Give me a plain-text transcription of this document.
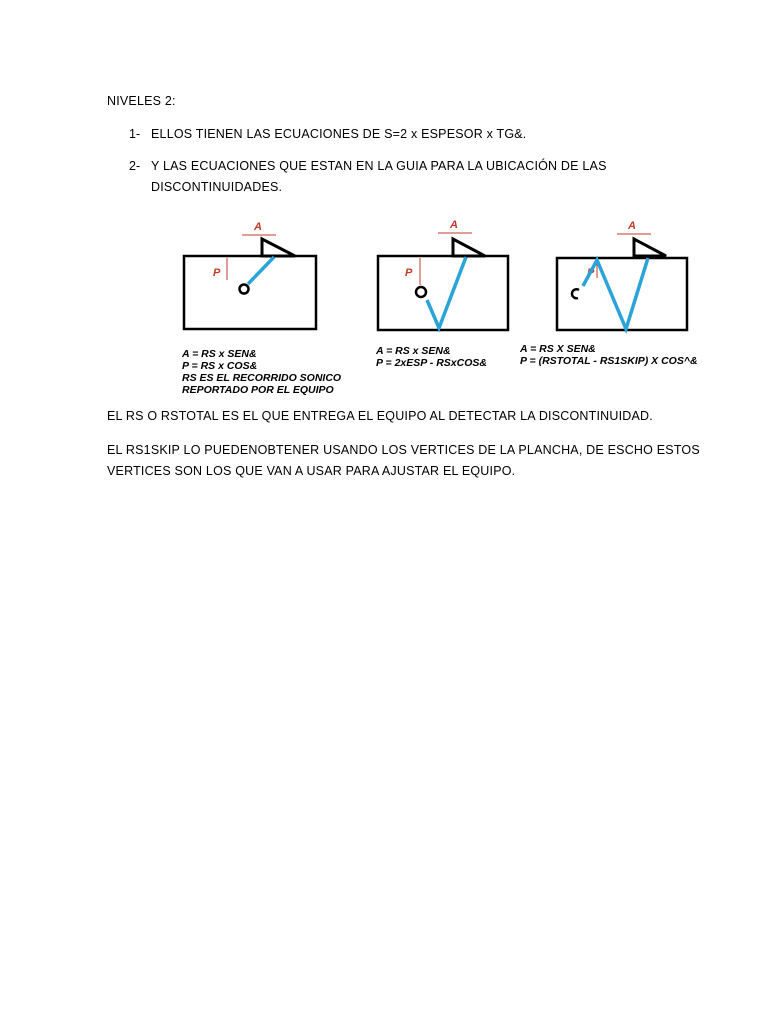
NIVELES 2:
1- ELLOS TIENEN LAS ECUACIONES DE S=2 x ESPESOR x TG&.
2- Y LAS ECUACIONES QUE ESTAN EN LA GUIA PARA LA UBICACIÓN DE LAS
DISCONTINUIDADES.
A
P
A
P
A
P
A = RS x SEN&
P = RS x COS&
RS ES EL RECORRIDO SONICO
REPORTADO POR EL EQUIPO
A = RS x SEN&
P = 2xESP - RSxCOS&
A = RS X SEN&
P = (RSTOTAL - RS1SKIP) X COS^&
EL RS O RSTOTAL ES EL QUE ENTREGA EL EQUIPO AL DETECTAR LA DISCONTINUIDAD.
EL RS1SKIP LO PUEDENOBTENER USANDO LOS VERTICES DE LA PLANCHA, DE ESCHO ESTOS
VERTICES SON LOS QUE VAN A USAR PARA AJUSTAR EL EQUIPO.
